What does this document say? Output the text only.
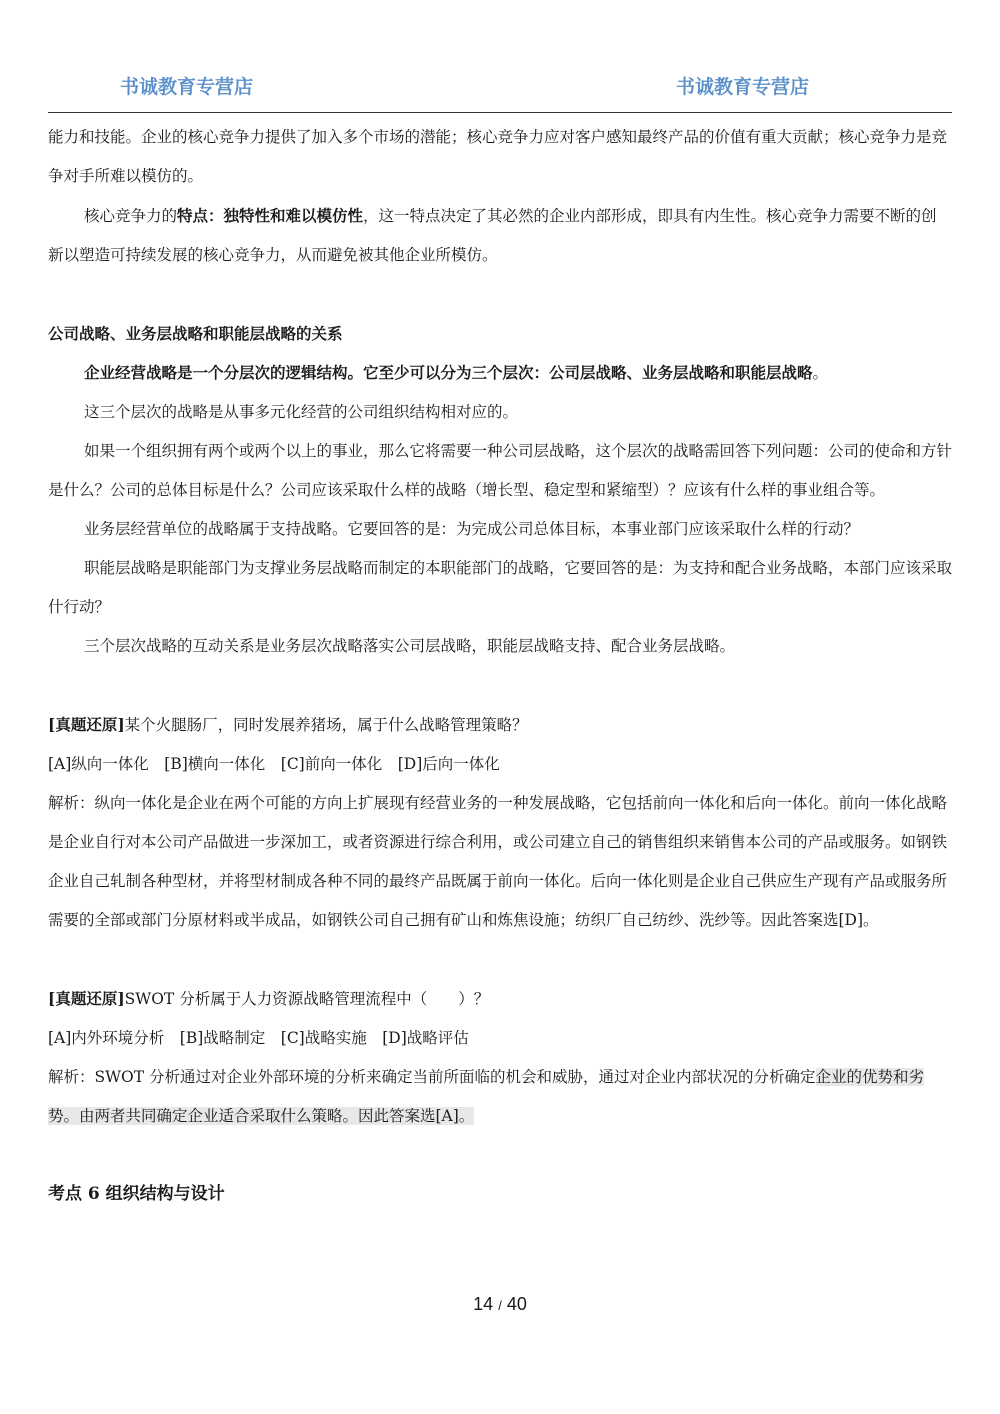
书诚教育专营店	书诚教育专营店

能力和技能。企业的核心竞争力提供了加入多个市场的潜能；核心竞争力应对客户感知最终产品的价值有重大贡献；核心竞争力是竞争对手所难以模仿的。

核心竞争力的特点：独特性和难以模仿性，这一特点决定了其必然的企业内部形成，即具有内生性。核心竞争力需要不断的创新以塑造可持续发展的核心竞争力，从而避免被其他企业所模仿。

公司战略、业务层战略和职能层战略的关系

企业经营战略是一个分层次的逻辑结构。它至少可以分为三个层次：公司层战略、业务层战略和职能层战略。

这三个层次的战略是从事多元化经营的公司组织结构相对应的。

如果一个组织拥有两个或两个以上的事业，那么它将需要一种公司层战略，这个层次的战略需回答下列问题：公司的使命和方针是什么？公司的总体目标是什么？公司应该采取什么样的战略（增长型、稳定型和紧缩型）？应该有什么样的事业组合等。

业务层经营单位的战略属于支持战略。它要回答的是：为完成公司总体目标，本事业部门应该采取什么样的行动？

职能层战略是职能部门为支撑业务层战略而制定的本职能部门的战略，它要回答的是：为支持和配合业务战略，本部门应该采取什行动？

三个层次战略的互动关系是业务层次战略落实公司层战略，职能层战略支持、配合业务层战略。

[真题还原]某个火腿肠厂，同时发展养猪场，属于什么战略管理策略？

[A]纵向一体化　[B]横向一体化　[C]前向一体化　[D]后向一体化

解析：纵向一体化是企业在两个可能的方向上扩展现有经营业务的一种发展战略，它包括前向一体化和后向一体化。前向一体化战略是企业自行对本公司产品做进一步深加工，或者资源进行综合利用，或公司建立自己的销售组织来销售本公司的产品或服务。如钢铁企业自己轧制各种型材，并将型材制成各种不同的最终产品既属于前向一体化。后向一体化则是企业自己供应生产现有产品或服务所需要的全部或部门分原材料或半成品，如钢铁公司自己拥有矿山和炼焦设施；纺织厂自己纺纱、洗纱等。因此答案选[D]。

[真题还原]SWOT 分析属于人力资源战略管理流程中（　　）？

[A]内外环境分析　[B]战略制定　[C]战略实施　[D]战略评估

解析：SWOT 分析通过对企业外部环境的分析来确定当前所面临的机会和威胁，通过对企业内部状况的分析确定企业的优势和劣势。由两者共同确定企业适合采取什么策略。因此答案选[A]。

考点 6 组织结构与设计

14 / 40
